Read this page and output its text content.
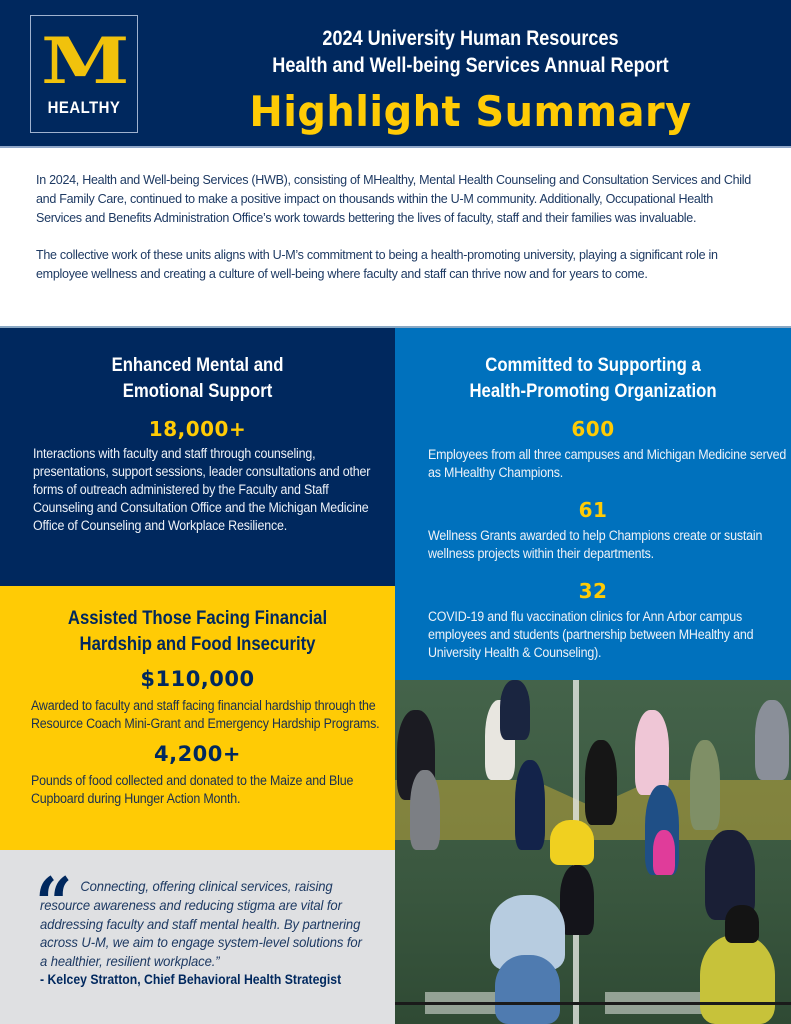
M
HEALTHY
2024 University Human Resources
Health and Well-being Services Annual Report
Highlight Summary

In 2024, Health and Well-being Services (HWB), consisting of MHealthy, Mental Health Counseling and Consultation Services and Child and Family Care, continued to make a positive impact on thousands within the U-M community. Additionally, Occupational Health Services and Benefits Administration Office’s work towards bettering the lives of faculty, staff and their families was invaluable.

The collective work of these units aligns with U-M’s commitment to being a health-promoting university, playing a significant role in employee wellness and creating a culture of well-being where faculty and staff can thrive now and for years to come.

Enhanced Mental and
Emotional Support
18,000+
Interactions with faculty and staff through counseling, presentations, support sessions, leader consultations and other forms of outreach administered by the Faculty and Staff Counseling and Consultation Office and the Michigan Medicine Office of Counseling and Workplace Resilience.
Committed to Supporting a
Health-Promoting Organization
600
Employees from all three campuses and Michigan Medicine served as MHealthy Champions.
61
Wellness Grants awarded to help Champions create or sustain wellness projects within their departments.
32
COVID-19 and flu vaccination clinics for Ann Arbor campus employees and students (partnership between MHealthy and University Health & Counseling).
Assisted Those Facing Financial
Hardship and Food Insecurity
$110,000
Awarded to faculty and staff facing financial hardship through the Resource Coach Mini-Grant and Emergency Hardship Programs.
4,200+
Pounds of food collected and donated to the Maize and Blue Cupboard during Hunger Action Month.
“ Connecting, offering clinical services, raising resource awareness and reducing stigma are vital for addressing faculty and staff mental health. By partnering across U-M, we aim to engage system-level solutions for a healthier, resilient workplace.”
- Kelcey Stratton, Chief Behavioral Health Strategist
